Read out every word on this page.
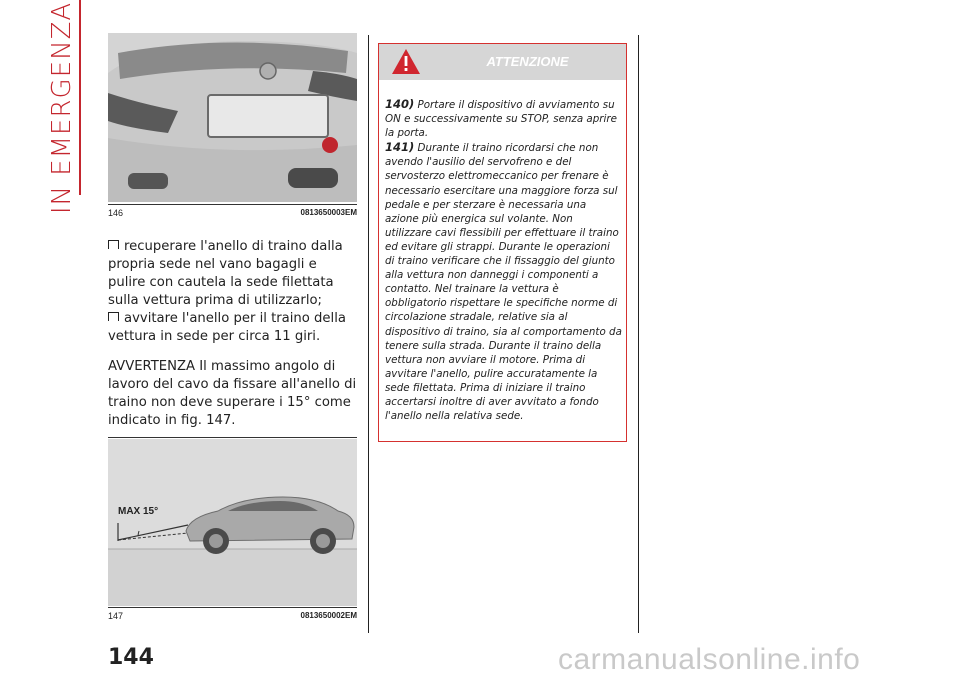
IN EMERGENZA	146	0813650003EM

recuperare l'anello di traino dalla propria sede nel vano bagagli e pulire con cautela la sede filettata sulla vettura prima di utilizzarlo;

avvitare l'anello per il traino della vettura in sede per circa 11 giri.

AVVERTENZA Il massimo angolo di lavoro del cavo da fissare all'anello di traino non deve superare i 15° come indicato in fig. 147.

MAX 15°
147	0813650002EM
ATTENZIONE

140) Portare il dispositivo di avviamento su ON e successivamente su STOP, senza aprire la porta.

141) Durante il traino ricordarsi che non avendo l'ausilio del servofreno e del servosterzo elettromeccanico per frenare è necessario esercitare una maggiore forza sul pedale e per sterzare è necessaria una azione più energica sul volante. Non utilizzare cavi flessibili per effettuare il traino ed evitare gli strappi. Durante le operazioni di traino verificare che il fissaggio del giunto alla vettura non danneggi i componenti a contatto. Nel trainare la vettura è obbligatorio rispettare le specifiche norme di circolazione stradale, relative sia al dispositivo di traino, sia al comportamento da tenere sulla strada. Durante il traino della vettura non avviare il motore. Prima di avvitare l'anello, pulire accuratamente la sede filettata. Prima di iniziare il traino accertarsi inoltre di aver avvitato a fondo l'anello nella relativa sede.

144	carmanualsonline.info
